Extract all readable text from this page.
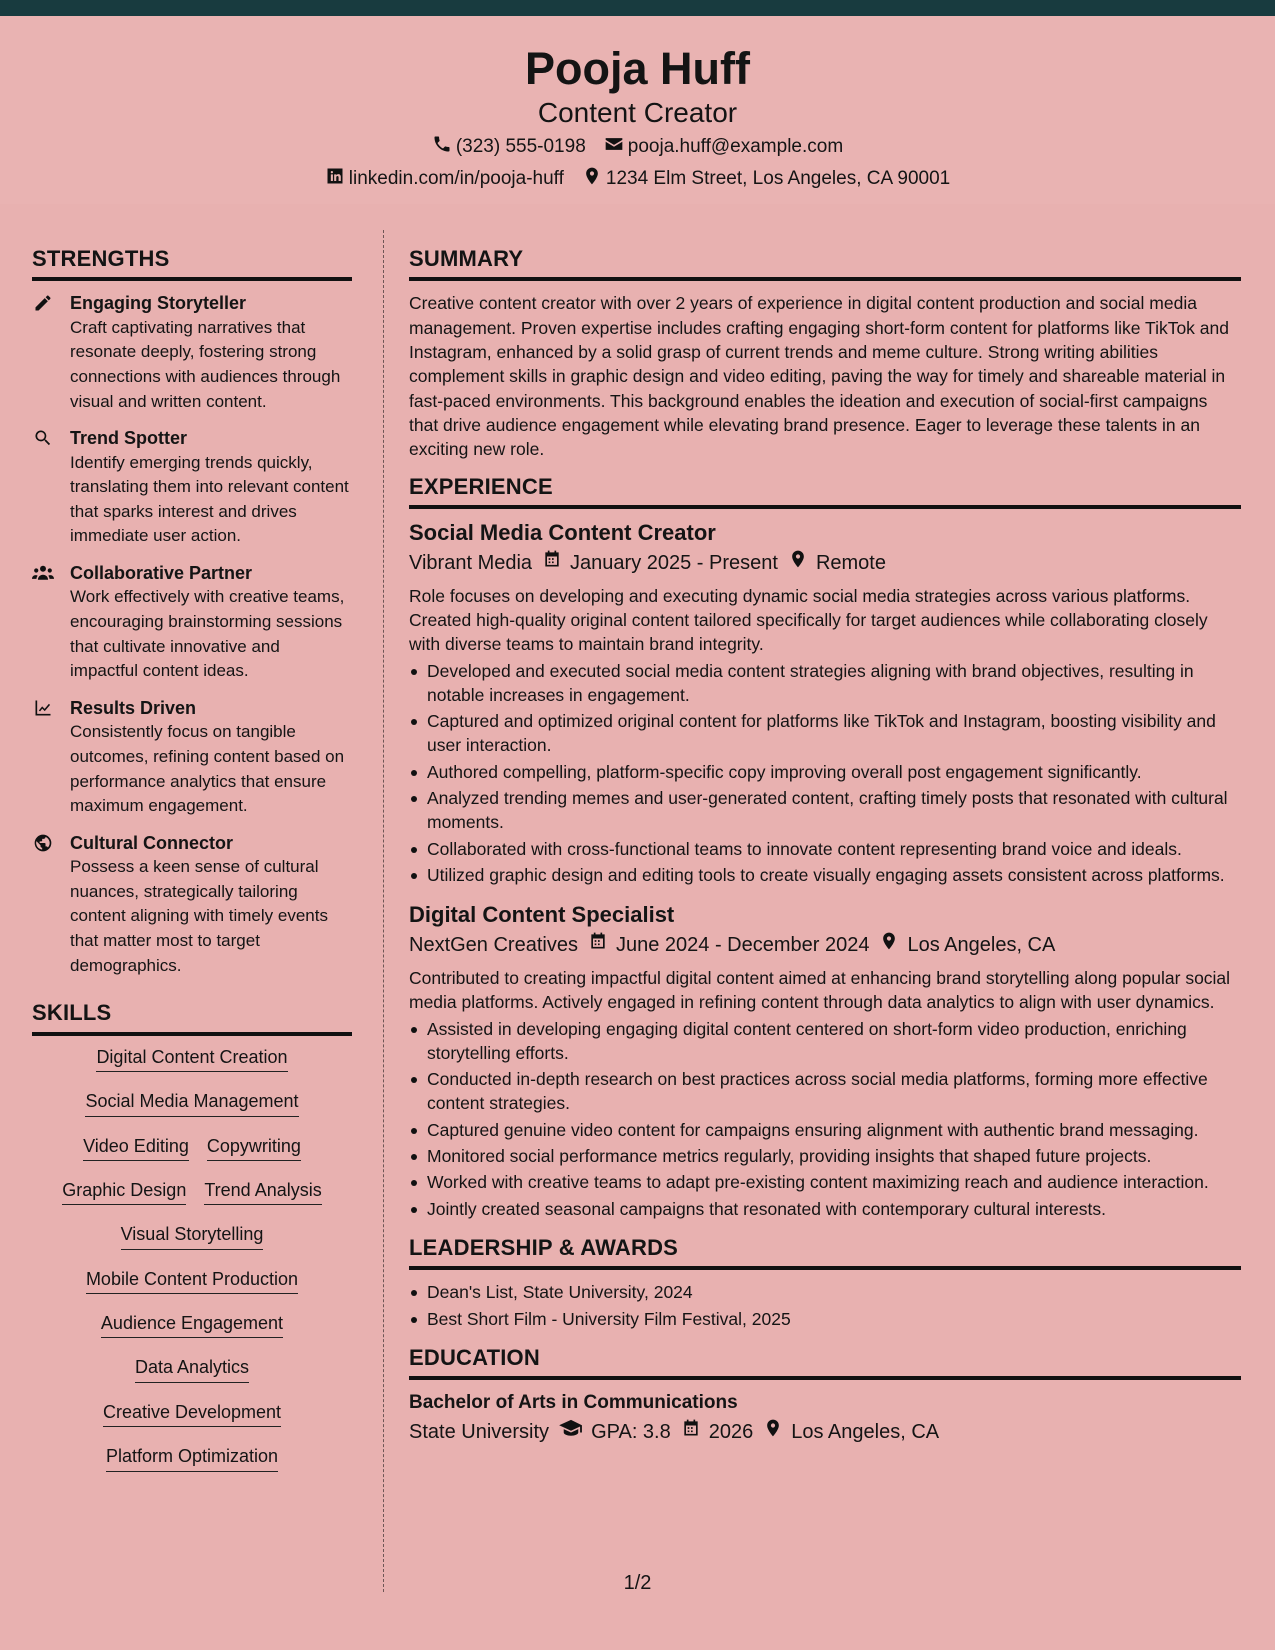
Pooja Huff
Content Creator
(323) 555-0198 pooja.huff@example.com
linkedin.com/in/pooja-huff 1234 Elm Street, Los Angeles, CA 90001
STRENGTHS
Engaging Storyteller
Craft captivating narratives that resonate deeply, fostering strong connections with audiences through visual and written content.
Trend Spotter
Identify emerging trends quickly, translating them into relevant content that sparks interest and drives immediate user action.
Collaborative Partner
Work effectively with creative teams, encouraging brainstorming sessions that cultivate innovative and impactful content ideas.
Results Driven
Consistently focus on tangible outcomes, refining content based on performance analytics that ensure maximum engagement.
Cultural Connector
Possess a keen sense of cultural nuances, strategically tailoring content aligning with timely events that matter most to target demographics.
SKILLS
Digital Content Creation
Social Media Management
Video Editing Copywriting
Graphic Design Trend Analysis
Visual Storytelling
Mobile Content Production
Audience Engagement
Data Analytics
Creative Development
Platform Optimization
SUMMARY
Creative content creator with over 2 years of experience in digital content production and social media management. Proven expertise includes crafting engaging short-form content for platforms like TikTok and Instagram, enhanced by a solid grasp of current trends and meme culture. Strong writing abilities complement skills in graphic design and video editing, paving the way for timely and shareable material in fast-paced environments. This background enables the ideation and execution of social-first campaigns that drive audience engagement while elevating brand presence. Eager to leverage these talents in an exciting new role.
EXPERIENCE
Social Media Content Creator
Vibrant Media January 2025 - Present Remote
Role focuses on developing and executing dynamic social media strategies across various platforms. Created high-quality original content tailored specifically for target audiences while collaborating closely with diverse teams to maintain brand integrity.
Developed and executed social media content strategies aligning with brand objectives, resulting in notable increases in engagement.
Captured and optimized original content for platforms like TikTok and Instagram, boosting visibility and user interaction.
Authored compelling, platform-specific copy improving overall post engagement significantly.
Analyzed trending memes and user-generated content, crafting timely posts that resonated with cultural moments.
Collaborated with cross-functional teams to innovate content representing brand voice and ideals.
Utilized graphic design and editing tools to create visually engaging assets consistent across platforms.
Digital Content Specialist
NextGen Creatives June 2024 - December 2024 Los Angeles, CA
Contributed to creating impactful digital content aimed at enhancing brand storytelling along popular social media platforms. Actively engaged in refining content through data analytics to align with user dynamics.
Assisted in developing engaging digital content centered on short-form video production, enriching storytelling efforts.
Conducted in-depth research on best practices across social media platforms, forming more effective content strategies.
Captured genuine video content for campaigns ensuring alignment with authentic brand messaging.
Monitored social performance metrics regularly, providing insights that shaped future projects.
Worked with creative teams to adapt pre-existing content maximizing reach and audience interaction.
Jointly created seasonal campaigns that resonated with contemporary cultural interests.
LEADERSHIP & AWARDS
Dean's List, State University, 2024
Best Short Film - University Film Festival, 2025
EDUCATION
Bachelor of Arts in Communications
State University GPA: 3.8 2026 Los Angeles, CA
1/2
